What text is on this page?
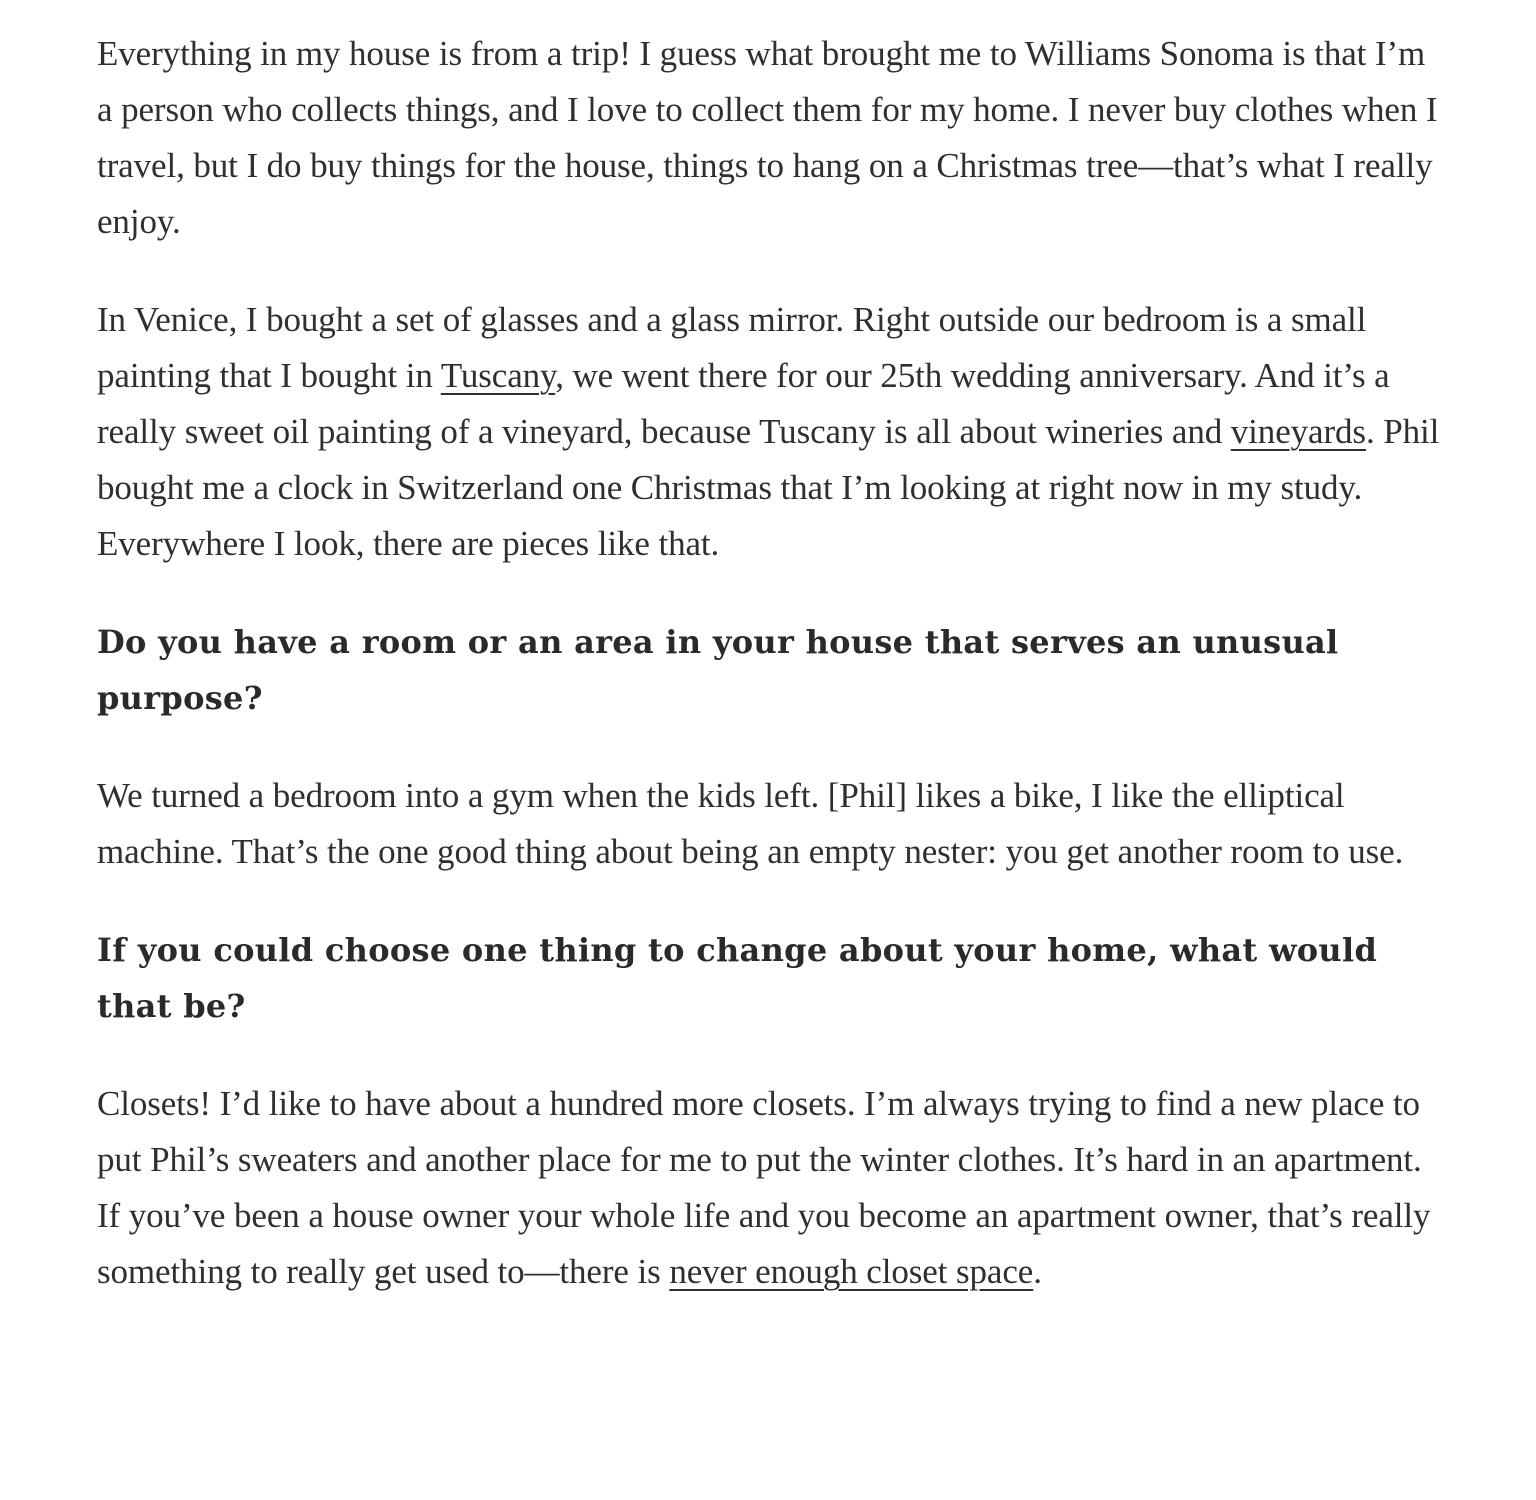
Everything in my house is from a trip! I guess what brought me to Williams Sonoma is that I’m a person who collects things, and I love to collect them for my home. I never buy clothes when I travel, but I do buy things for the house, things to hang on a Christmas tree—that’s what I really enjoy.

In Venice, I bought a set of glasses and a glass mirror. Right outside our bedroom is a small painting that I bought in Tuscany, we went there for our 25th wedding anniversary. And it’s a really sweet oil painting of a vineyard, because Tuscany is all about wineries and vineyards. Phil bought me a clock in Switzerland one Christmas that I’m looking at right now in my study. Everywhere I look, there are pieces like that.

Do you have a room or an area in your house that serves an unusual purpose?

We turned a bedroom into a gym when the kids left. [Phil] likes a bike, I like the elliptical machine. That’s the one good thing about being an empty nester: you get another room to use.

If you could choose one thing to change about your home, what would that be?

Closets! I’d like to have about a hundred more closets. I’m always trying to find a new place to put Phil’s sweaters and another place for me to put the winter clothes. It’s hard in an apartment. If you’ve been a house owner your whole life and you become an apartment owner, that’s really something to really get used to—there is never enough closet space.
